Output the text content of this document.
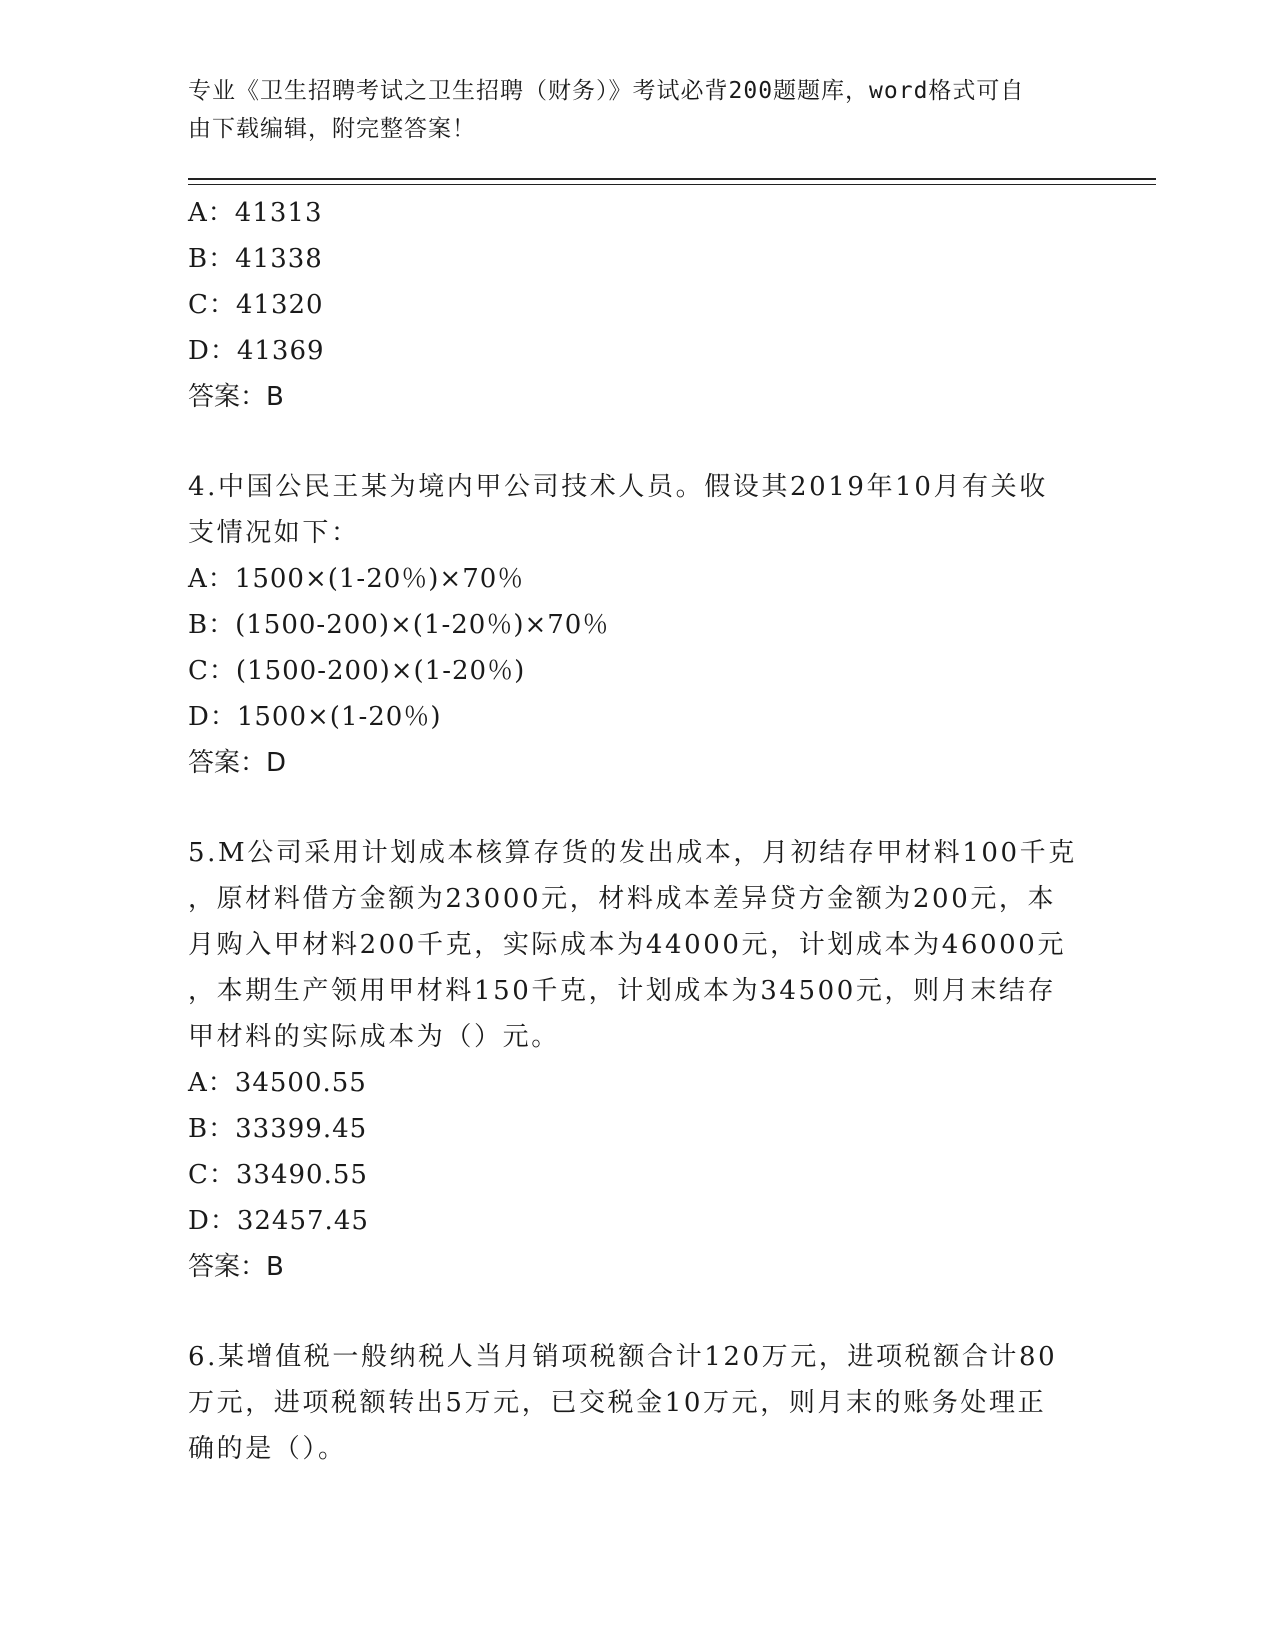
专业《卫生招聘考试之卫生招聘（财务）》考试必背200题题库，word格式可自
由下载编辑，附完整答案！
A：41313
B：41338
C：41320
D：41369
答案：B
4.中国公民王某为境内甲公司技术人员。假设其2019年10月有关收
支情况如下：
A：1500×(1-20％)×70％
B：(1500-200)×(1-20％)×70％
C：(1500-200)×(1-20％)
D：1500×(1-20％)
答案：D
5.M公司采用计划成本核算存货的发出成本，月初结存甲材料100千克
，原材料借方金额为23000元，材料成本差异贷方金额为200元，本
月购入甲材料200千克，实际成本为44000元，计划成本为46000元
，本期生产领用甲材料150千克，计划成本为34500元，则月末结存
甲材料的实际成本为（）元。
A：34500.55
B：33399.45
C：33490.55
D：32457.45
答案：B
6.某增值税一般纳税人当月销项税额合计120万元，进项税额合计80
万元，进项税额转出5万元，已交税金10万元，则月末的账务处理正
确的是（）。
